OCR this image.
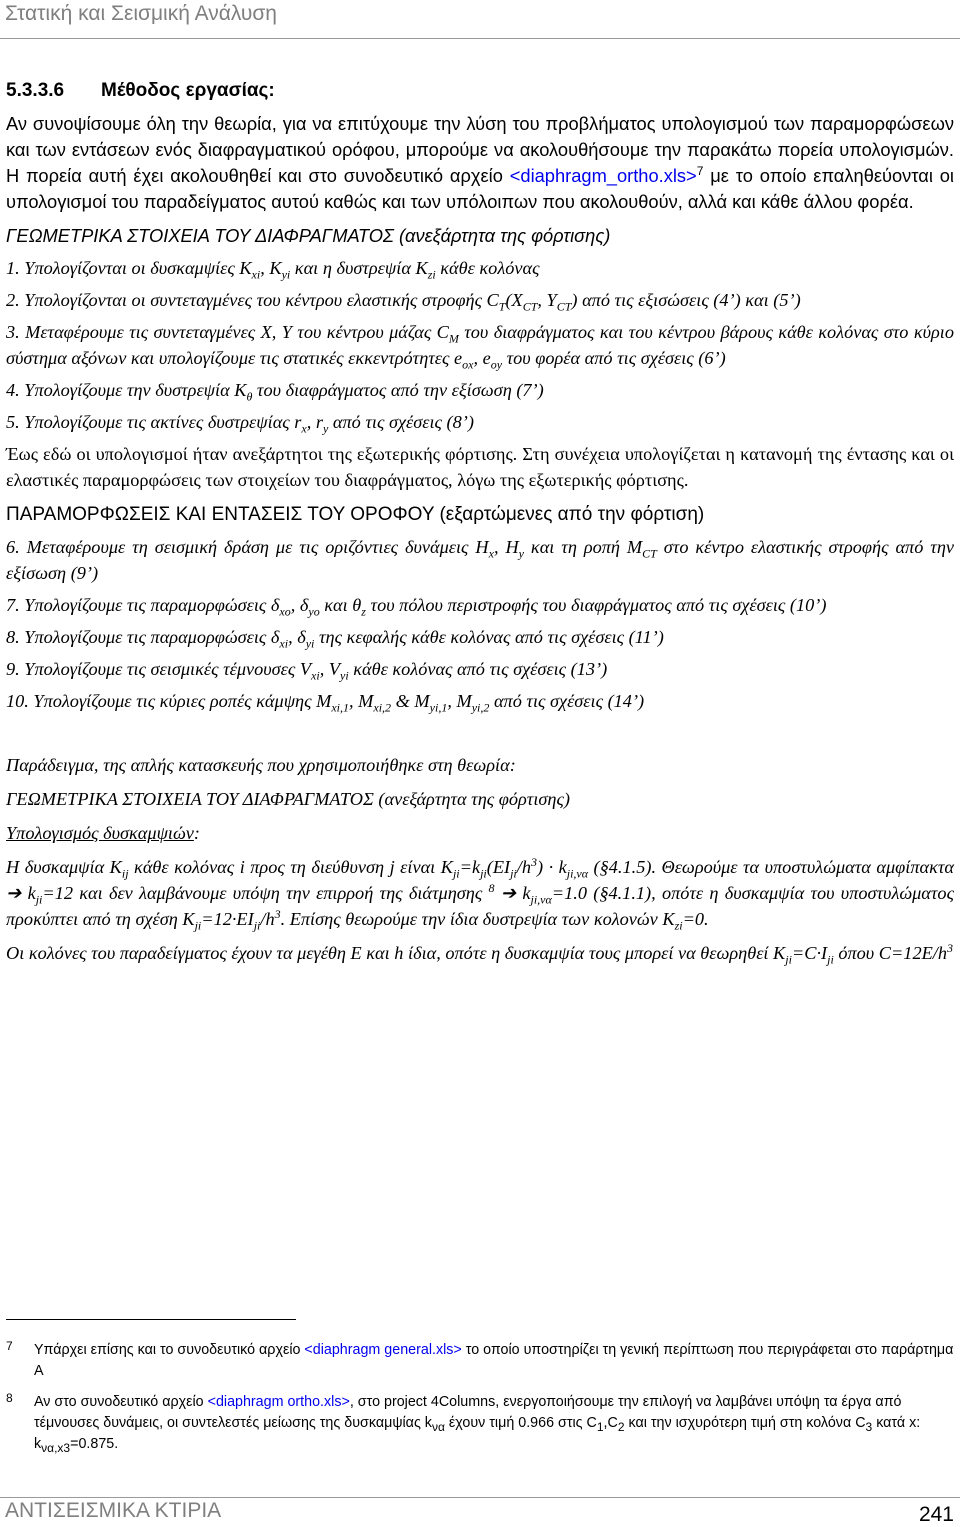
Στατική και Σεισμική Ανάλυση
5.3.3.6 Μέθοδος εργασίας:

Αν συνοψίσουμε όλη την θεωρία, για να επιτύχουμε την λύση του προβλήματος υπολογισμού των παραμορφώσεων και των εντάσεων ενός διαφραγματικού ορόφου, μπορούμε να ακολουθήσουμε την παρακάτω πορεία υπολογισμών. Η πορεία αυτή έχει ακολουθηθεί και στο συνοδευτικό αρχείο <diaphragm_ortho.xls>$^7$ με το οποίο επαληθεύονται οι υπολογισμοί του παραδείγματος αυτού καθώς και των υπόλοιπων που ακολουθούν, αλλά και κάθε άλλου φορέα.

ΓΕΩΜΕΤΡΙΚΑ ΣΤΟΙΧΕΙΑ ΤΟΥ ΔΙΑΦΡΑΓΜΑΤΟΣ (ανεξάρτητα της φόρτισης)
1. Υπολογίζονται οι δυσκαμψίες $K_{xi}$, $K_{yi}$ και η δυστρεψία $K_{zi}$ κάθε κολόνας
2. Υπολογίζονται οι συντεταγμένες του κέντρου ελαστικής στροφής $C_T(X_{CT}$, $Y_{CT}$) από τις εξισώσεις (4’) και (5’)
3. Μεταφέρουμε τις συντεταγμένες X, Y του κέντρου μάζας $C_M$ του διαφράγματος και του κέντρου βάρους κάθε κολόνας στο κύριο σύστημα αξόνων και υπολογίζουμε τις στατικές εκκεντρότητες $e_{ox}$, $e_{oy}$ του φορέα από τις σχέσεις (6’)
4. Υπολογίζουμε την δυστρεψία $K_\theta$ του διαφράγματος από την εξίσωση (7’)
5. Υπολογίζουμε τις ακτίνες δυστρεψίας $r_x$, $r_y$ από τις σχέσεις (8’)

Έως εδώ οι υπολογισμοί ήταν ανεξάρτητοι της εξωτερικής φόρτισης. Στη συνέχεια υπολογίζεται η κατανομή της έντασης και οι ελαστικές παραμορφώσεις των στοιχείων του διαφράγματος, λόγω της εξωτερικής φόρτισης.

ΠΑΡΑΜΟΡΦΩΣΕΙΣ ΚΑΙ ΕΝΤΑΣΕΙΣ ΤΟΥ ΟΡΟΦΟΥ (εξαρτώμενες από την φόρτιση)
6. Μεταφέρουμε τη σεισμική δράση με τις οριζόντιες δυνάμεις $H_x$, $H_y$ και τη ροπή $M_{CT}$ στο κέντρο ελαστικής στροφής από την εξίσωση (9’)
7. Υπολογίζουμε τις παραμορφώσεις $\delta_{xo}$, $\delta_{yo}$ και $\theta_z$ του πόλου περιστροφής του διαφράγματος από τις σχέσεις (10’)
8. Υπολογίζουμε τις παραμορφώσεις $\delta_{xi}$, $\delta_{yi}$ της κεφαλής κάθε κολόνας από τις σχέσεις (11’)
9. Υπολογίζουμε τις σεισμικές τέμνουσες $V_{xi}$, $V_{yi}$ κάθε κολόνας από τις σχέσεις (13’)
10. Υπολογίζουμε τις κύριες ροπές κάμψης $M_{xi,1}$, $M_{xi,2}$ & $M_{yi,1}$, $M_{yi,2}$ από τις σχέσεις (14’)

Παράδειγμα, της απλής κατασκευής που χρησιμοποιήθηκε στη θεωρία:

ΓΕΩΜΕΤΡΙΚΑ ΣΤΟΙΧΕΙΑ ΤΟΥ ΔΙΑΦΡΑΓΜΑΤΟΣ (ανεξάρτητα της φόρτισης)

Υπολογισμός δυσκαμψιών:

Η δυσκαμψία $K_{ij}$ κάθε κολόνας i προς τη διεύθυνση j είναι $K_{ji}=k_{ji}(EI_{ji}/h^3) \cdot k_{ji,\nu\alpha}$ (§4.1.5). Θεωρούμε τα υποστυλώματα αμφίπακτα ➔ $k_{ji}=12$ και δεν λαμβάνουμε υπόψη την επιρροή της διάτμησης $^8$ ➔ $k_{ji,\nu\alpha}=1.0$ (§4.1.1), οπότε η δυσκαμψία του υποστυλώματος προκύπτει από τη σχέση $K_{ji}=12\cdot EI_{ji}/h^3$. Επίσης θεωρούμε την ίδια δυστρεψία των κολονών $K_{zi}=0$.

Οι κολόνες του παραδείγματος έχουν τα μεγέθη E και h ίδια, οπότε η δυσκαμψία τους μπορεί να θεωρηθεί $K_{ji}=C\cdot I_{ji}$ όπου $C=12E/h^3$

7 Υπάρχει επίσης και το συνοδευτικό αρχείο <diaphragm general.xls> το οποίο υποστηρίζει τη γενική περίπτωση που περιγράφεται στο παράρτημα Α
8 Αν στο συνοδευτικό αρχείο <diaphragm ortho.xls>, στο project 4Columns, ενεργοποιήσουμε την επιλογή να λαμβάνει υπόψη τα έργα από τέμνουσες δυνάμεις, οι συντελεστές μείωσης της δυσκαμψίας $k_{\nu\alpha}$ έχουν τιμή 0.966 στις $C_1,C_2$ και την ισχυρότερη τιμή στη κολόνα $C_3$ κατά x: $k_{\nu\alpha,x3}=0.875$.
ΑΝΤΙΣΕΙΣΜΙΚΑ ΚΤΙΡΙΑ	241
